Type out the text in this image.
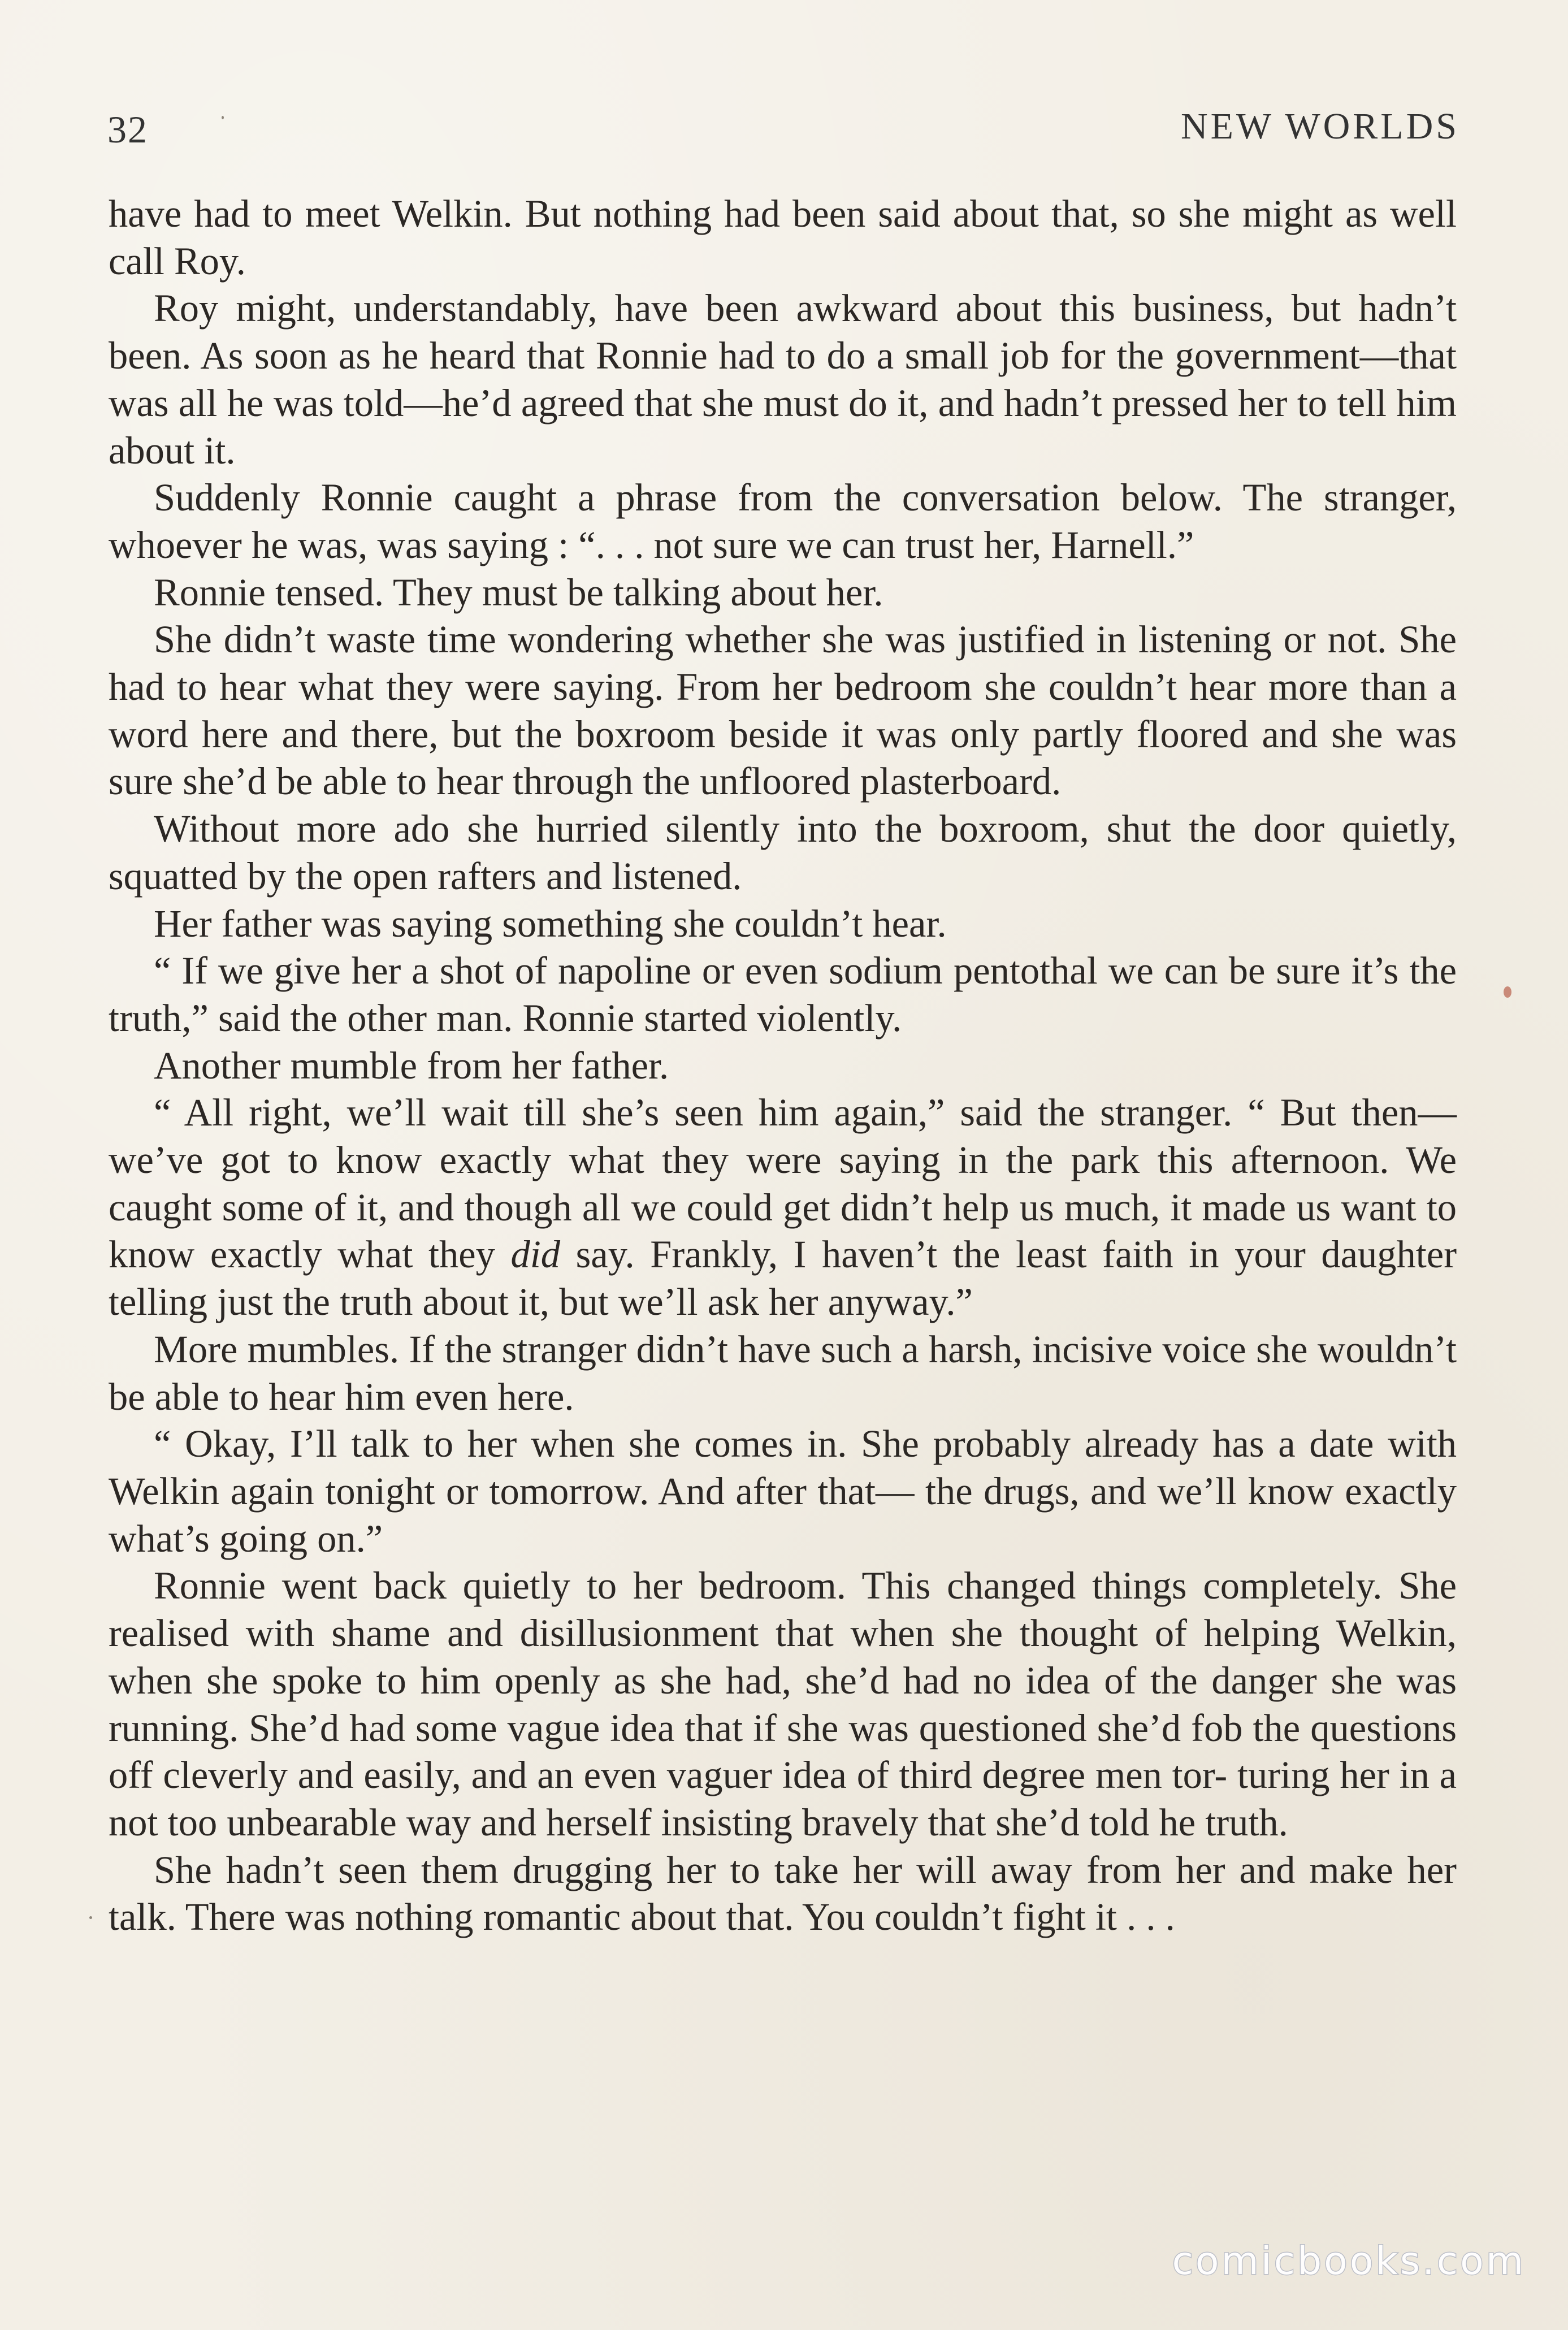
32	NEW WORLDS

have had to meet Welkin. But nothing had been said about that, so she might as well call Roy.

Roy might, understandably, have been awkward about this business, but hadn’t been. As soon as he heard that Ronnie had to do a small job for the government—that was all he was told—he’d agreed that she must do it, and hadn’t pressed her to tell him about it.

Suddenly Ronnie caught a phrase from the conversation below. The stranger, whoever he was, was saying : “. . . not sure we can trust her, Harnell.”

Ronnie tensed. They must be talking about her.

She didn’t waste time wondering whether she was justified in listening or not. She had to hear what they were saying. From her bedroom she couldn’t hear more than a word here and there, but the boxroom beside it was only partly floored and she was sure she’d be able to hear through the unfloored plasterboard.

Without more ado she hurried silently into the boxroom, shut the door quietly, squatted by the open rafters and listened.

Her father was saying something she couldn’t hear.

“ If we give her a shot of napoline or even sodium pentothal we can be sure it’s the truth,” said the other man. Ronnie started violently.

Another mumble from her father.

“ All right, we’ll wait till she’s seen him again,” said the stranger. “ But then—we’ve got to know exactly what they were saying in the park this afternoon. We caught some of it, and though all we could get didn’t help us much, it made us want to know exactly what they did say. Frankly, I haven’t the least faith in your daughter telling just the truth about it, but we’ll ask her anyway.”

More mumbles. If the stranger didn’t have such a harsh, incisive voice she wouldn’t be able to hear him even here.

“ Okay, I’ll talk to her when she comes in. She probably already has a date with Welkin again tonight or tomorrow. And after that— the drugs, and we’ll know exactly what’s going on.”

Ronnie went back quietly to her bedroom. This changed things completely. She realised with shame and disillusionment that when she thought of helping Welkin, when she spoke to him openly as she had, she’d had no idea of the danger she was running. She’d had some vague idea that if she was questioned she’d fob the questions off cleverly and easily, and an even vaguer idea of third degree men tor- turing her in a not too unbearable way and herself insisting bravely that she’d told he truth.

She hadn’t seen them drugging her to take her will away from her and make her talk. There was nothing romantic about that. You couldn’t fight it . . .

comicbooks.com
